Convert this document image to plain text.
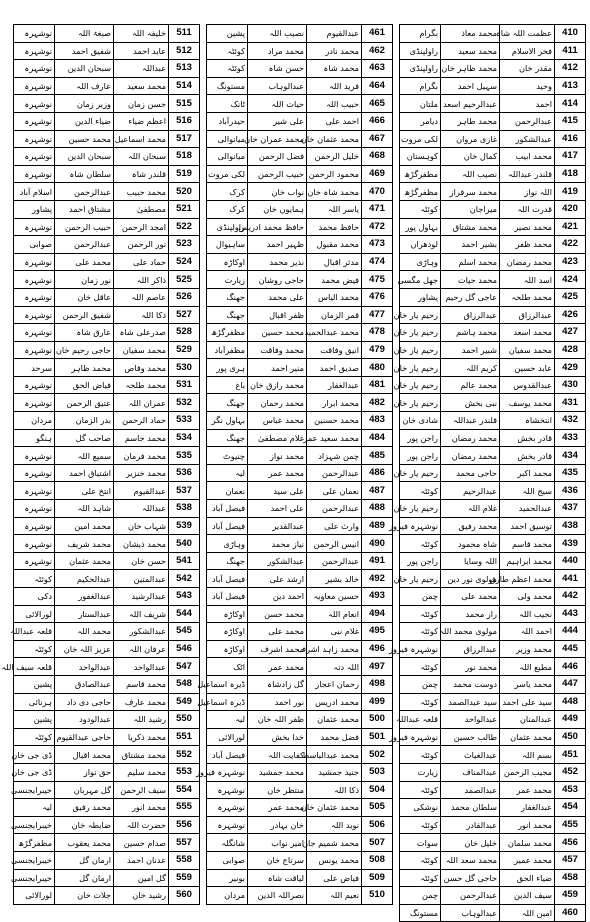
بگرام	محمد معاذ	عظمت اللہ شاہ	410
راولپنڈی	محمد سعید	فخر الاسلام	411
راولپنڈی	محمد ظاہر خان	مقدر خان	412
بگرام	سہیل احمد	وحید	413
ملتان	عبدالرحیم اسعد	احمد	414
دیامر	محمد طاہر	عبدالرحمن	415
لکی مروت	غازی مروان	عبدالشکور	416
کوہستان	کمال خان	محمد ابیب	417
مظفرگڑھ	نصیب اللہ	قلندر عبداللہ	418
مظفرگڑھ	محمد سرفراز	اللہ نواز	419
کوئٹہ	میراجان	قدرت اللہ	420
بہاول پور	محمد مشتاق	محمد نصیر	421
لودھراں	بشیر احمد	محمد ظفر	422
وہاڑی	محمد اسلم	محمد رمضان	423
جھل مگسی	محمد حیات	اسد اللہ	424
پشاور	عاجی گل رحیم	محمد طلحہ	425
رحیم یار خان	عبدالرزاق	عبدالرزاق	426
رحیم یار خان	محمد ہاشم	محمد اسعد	427
رحیم یار خان	شبیر احمد	محمد سفیان	428
رحیم یار خان	کریم اللہ	عابد حسین	429
رحیم یار خان	محمد عالم	عبدالقدوس	430
رحیم یار خان	نبی بخش	محمد یوسف	431
شادی خان	قلندر عبداللہ	انتخشاہ	432
راجن پور	محمد رمضان	قادر بخش	433
راجن پور	محمد رمضان	قادر بخش	434
رحیم یار خان	حاجی محمد	محمد اکبر	435
کوئٹہ	عبدالرحیم	سیج اللہ	436
رحیم یار خان	غلام اللہ	عبدالحمید	437
نوشہرہ فیروز	محمد رفیق	توسیق احمد	438
کوئٹہ	شاہ محمود	محمد قاسم	439
راجن پور	اللہ وسایا	محمد ابراہیم	440
رحیم یار خان	مولوی نور دین	محمد اعظم طارق	441
چمن	محمد علی	محمد ولی	442
کوئٹہ	راز محمد	نجیب اللہ	443
کوئٹہ	مولوی محمد اللہ	احمد اللہ	444
نوشہرہ فیروز	عبدالرزاق	محمد وزیر	445
کوئٹہ	محمد نور	مطیع اللہ	446
چمن	دوست محمد	محمد یاسر	447
کوئٹہ	سید عبدالصمد	سید علی احمد	448
قلعہ عبداللہ	عبدالواحد	عبدالمنان	449
نوشہرہ فیروز	طالب حسین	محمد عثمان	450
کوئٹہ	عبدالغیاث	بسم اللہ	451
زیارت	عبدالمناف	مجیب الرحمن	452
کوئٹہ	عبدالصمد	محمد عمر	453
نوشکی	سلطان محمد	عبدالغفار	454
کوئٹہ	عبدالقادر	محمد انور	455
سوات	خلیل خان	محمد سلمان	456
کوئٹہ	محمد سعد اللہ	محمد عمیر	457
کوئٹہ	حاجی گل حسن	ضیاء الحق	458
چمن	عبدالرحمن	سیف الدین	459
مستونگ	عبدالوہاب	امین اللہ	460
پشین	نصیب اللہ	عبدالقیوم	461
کوئٹہ	محمد مراد	محمد نادر	462
کوئٹہ	حسن شاہ	محمد شاہ	463
مستونگ	عبدالوہاب	فرید اللہ	464
ٹانک	حیات اللہ	حبیب اللہ	465
حیدرآباد	علی شیر	احمد علی	466
میانوالی	محمد عمران خان	محمد عثمان خان	467
میانوالی	فضل الرحمن	خلیل الرحمن	468
لکی مروت	حبیب الرحمن	محمود الرحمن	469
کرک	نواب خان	محمد شاہ خان	470
کرک	ہمایوں خان	یاسر اللہ	471
راولپنڈی	حافظ محمد ادریس	حافظ محمد	472
ساہیوال	ظہیر احمد	محمد مقبول	473
اوکاڑہ	نذیر محمد	مدثر اقبال	474
زیارت	حاجی روشان	فیض محمد	475
جھنگ	علی محمد	محمد الیاس	476
جھنگ	ظفر اقبال	قمر الزمان	477
مظفرگڑھ	محمد حسین	محمد عبدالحمید	478
مظفرآباد	محمد وفاقت	انیق وفاقت	479
ہری پور	منیر احمد	صدیق احمد	480
باغ	محمد رازق خان	عبدالغفار	481
جھنگ	محمد رحمان	محمد ابرار	482
بہاول نگر	محمد عباس	محمد حسنین	483
جھنگ	غلام مصطفیٰ	محمد سعید عمر	484
چنیوٹ	محمد نواز	چمن شہزاد	485
لیہ	محمد عمر	عبدالرحمن	486
نعمان	علی سید	نعمان علی	487
فیصل آباد	علی احمد	عبدالرحمن	488
فیصل آباد	عبدالقدیر	وارث علی	489
وہاڑی	نیاز محمد	انیس الرحمن	490
جھنگ	عبدالشکور	عبدالرحمن	491
فیصل آباد	ارشد علی	خالد بشیر	492
فیصل آباد	احمد دین	حسین معاویہ	493
اوکاڑہ	محمد حسن	انعام اللہ	494
اوکاڑہ	محمد علی	غلام نبی	495
اوکاڑہ	محمد اشرف	محمد زاہد اشرف	496
اٹک	محمد عمر	اللہ دتہ	497
ڈیرہ اسماعیل	گل زادشاہ	رحمان اعجاز	498
ڈیرہ اسماعیل	نور احمد	محمد ادریس	499
لیہ	ظفر اللہ خان	محمد عثمان	500
لورالائی	خدا بخش	فضل محمد	501
فیصل آباد	کفایت اللہ	محمد عبدالباسط	502
نوشہرہ فیروز	محمد جمشید	جنید جمشید	503
نوشہرہ	منتظر خان	ذکا اللہ	504
نوشہرہ	محمد عمر	محمد عثمان خان	505
نوشہرہ	خان بہادر	نوید اللہ	506
شانگلہ	امیر نواب	محمد شمیم جان	507
صوابی	سرتاج خان	محمد یونس	508
بونیر	لیاقت شاہ	فیاض علی	509
مردان	نصراللہ الدین	نعیم اللہ	510
نوشہرہ	صبغۃ اللہ	خلیفہ اللہ	511
نوشہرہ	شفیق احمد	عابد احمد	512
نوشہرہ	سبحان الدین	عبداللہ	513
نوشہرہ	عارف اللہ	محمد سعید	514
نوشہرہ	وزیر زمان	حسن زمان	515
نوشہرہ	ضیاء الدین	اعظم ضیاء	516
نوشہرہ	محمد حسین	محمد اسماعیل	517
نوشہرہ	سبحان الدین	سبحان اللہ	518
نوشہرہ	سلطان شاہ	قلندر شاہ	519
اسلام آباد	عبدالرحمن	محمد حبیب	520
پشاور	مشتاق احمد	مصطفیٰ	521
نوشہرہ	حبیب الرحمن	امجد الرحمن	522
صوابی	عبدالرحمن	نور الرحمن	523
نوشہرہ	محمد علی	حماد علی	524
نوشہرہ	نور زمان	ذاکر اللہ	525
نوشہرہ	عاقل خان	عاصم اللہ	526
نوشہرہ	شفیق الرحمن	ذکا اللہ	527
نوشہرہ	عارق شاہ	صدرعلی شاہ	528
نوشہرہ	حاجی رحیم خان	محمد سفیان	529
سرحد	محمد ظاہر	محمد وقاص	530
نوشہرہ	فیاض الحق	محمد طلحہ	531
نوشہرہ	عتیق الرحمن	عمران اللہ	532
مردان	بدر الزمان	حماد الرحمن	533
ہنگو	صاحب گل	محمد جاسم	534
نوشہرہ	سمیع اللہ	محمد فرمان	535
نوشہرہ	اشتیاق احمد	محمد خنزیر	536
نوشہرہ	انتخ علی	عبدالقیوم	537
نوشہرہ	شاہد اللہ	عبداللہ	538
نوشہرہ	محمد امین	شہاب خان	539
نوشہرہ	محمد شریف	محمد ذیشان	540
نوشہرہ	محمد عثمان	حسن خان	541
کوئٹہ	عبدالحکیم	عبدالمتین	542
دکی	عبدالغفور	عبدالرشید	543
لورالائی	عبدالستار	شریف اللہ	544
قلعہ عبداللہ	محمد اللہ	عبدالشکور	545
کوئٹہ	عزیز اللہ خان	عرفان اللہ	546
قلعہ سیف اللہ	عبدالواحد	عبدالواحد	547
پشین	عبدالصادق	محمد قاسم	548
ہرنائی	حاجی دی داد	محمد عارف	549
پشین	عبدالودود	رشید اللہ	550
کوئٹہ	حاجی عبدالقیوم	محمد ذکریا	551
ڈی جی خان	محمد اقبال	محمد مشتاق	552
ڈی جی خان	حق نواز	محمد سلیم	553
خیبرایجنسی	گل مہربان	سیف الرحمن	554
لیہ	محمد رفیق	محمد انور	555
خیبرایجنسی	ضابطہ خان	حضرت اللہ	556
مظفرگڑھ	محمد یعقوب	صدام حسین	557
خیبرایجنسی	ارمان گل	عدنان احمد	558
خیبرایجنسی	ارمان گل	گل امین	559
لورالائی	جلات خان	رشید خان	560
